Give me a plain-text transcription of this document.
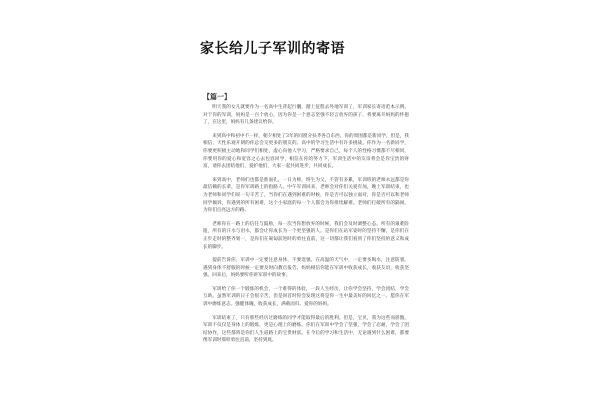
家长给儿子军训的寄语
【篇一】

明天我的女儿就要作为一名高中生背起行囊，踏上征程去外地军训了，军训家长寄语范本示例。对于你的军训，妈妈是一百个放心，因为你是一个意志坚强不轻言放弃的孩子，将要离开妈妈的怀抱了，在这里，妈妈有几条建议给你。

来到高中和初中不一样，朝夕相处了3年的同窗分扶齐各自东西，你的周围都是新同学，但是，我相信，天性乐观开朗的你总会交更多的朋友的。高中的学习生活中有许多挑战，你作为一名新同学，你要更积极主动地和同学们相处，虚心向他人学习，严格要求自己，每个人的性格习惯都不尽相同，你要用你的爱心和宽容之心去包容同学，相信在你的努力下，军训生活中的友谊将会是你宝贵的财富，请你去团结他们，爱护他们，大家一起共同进步，共同成长。

来到高中，老师们也都是新面孔，一日为师，终生为父，不管有多累，军训班的老师永远都是你最信赖的长辈，是你军训路上的指路人。中午军训回来，老师会对你们关爱有加，晚上军训结束，也为老师和同学们说一句辛苦了，当你们在遇到困难的时候，你是否可以独立面对，你是否可以和老师同学倾诉，你遇到的所有困难，这个小家庭的每一个人都会为你排忧解难。老师们打破所有的隔阂，为你们点亮远方的路。

老师你在一路上的信任与鼓励，每一次当你想放弃的时候，我们会及时调整心态。所有的艰难险阻，所有的汗水与泪水，都会让你成长为一个更坚强的人。是你们在站军姿时的坚持不懈，是你们在正步走时的整齐划一，是你们在匍匐前进时的勇往直前，这一切都让我们看到了你们坚持的意义和成长的脚步。

提前告诉你，军训中一定要注意身体，不要逞强。在高温的天气中，一定要多喝水，注意防暑。遇到身体不舒服的时候一定要及时向教官报告。妈妈相信你能在军训中收获成长，收获友谊，收获坚强。回来后，妈妈要听你讲军训中的故事。

军训给了你一个锻炼的机会，一个难得的体验，一段人生经历，让你学会坚持，学会团结，学会互助。虽然军训的日子会很辛苦，但是回首时你会发现这将是你一生中最美好的回忆之一。愿你在军训中磨炼意志，强健体魄，收获成长，满载而归。爱你的妈妈。

军训结束了，只有那些经历过磨练的同学才能取得最后的胜利。但是，宝贝，我为这些而骄傲。军训不仅仅是身体上的锻炼，更是心理上的磨练。你们在军训中学会了坚强，学会了忍耐，学会了团结协作，这些都将是你们人生道路上的宝贵财富。在今后的学习和生活中，无论遇到什么困难，都要像军训时那样勇往直前，坚持到底。
